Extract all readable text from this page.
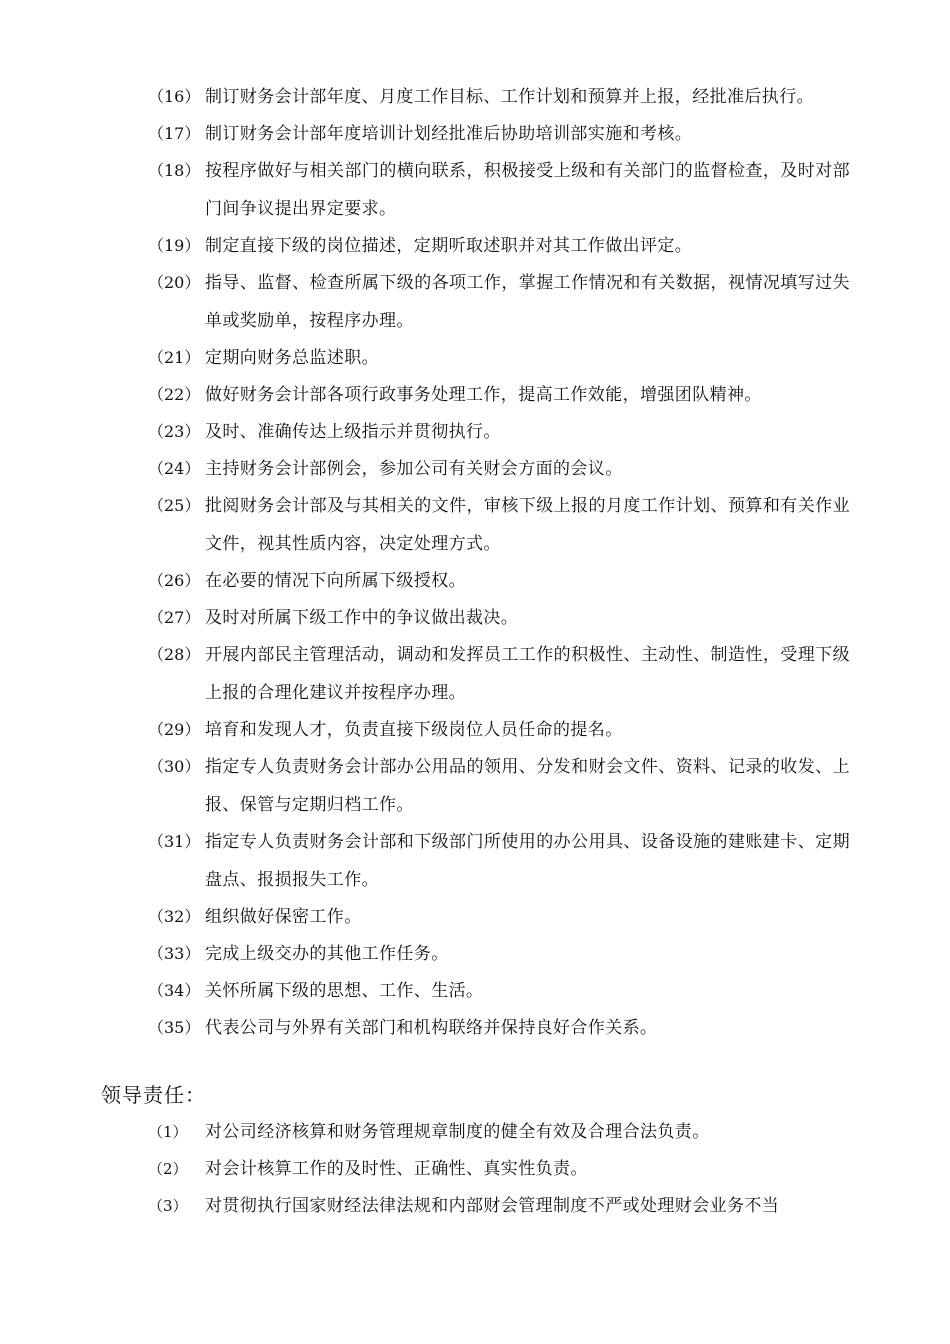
（16） 制订财务会计部年度、月度工作目标、工作计划和预算并上报，经批准后执行。
（17） 制订财务会计部年度培训计划经批准后协助培训部实施和考核。
（18） 按程序做好与相关部门的横向联系，积极接受上级和有关部门的监督检查，及时对部门间争议提出界定要求。
（19） 制定直接下级的岗位描述，定期听取述职并对其工作做出评定。
（20） 指导、监督、检查所属下级的各项工作，掌握工作情况和有关数据，视情况填写过失单或奖励单，按程序办理。
（21） 定期向财务总监述职。
（22） 做好财务会计部各项行政事务处理工作，提高工作效能，增强团队精神。
（23） 及时、准确传达上级指示并贯彻执行。
（24） 主持财务会计部例会，参加公司有关财会方面的会议。
（25） 批阅财务会计部及与其相关的文件，审核下级上报的月度工作计划、预算和有关作业文件，视其性质内容，决定处理方式。
（26） 在必要的情况下向所属下级授权。
（27） 及时对所属下级工作中的争议做出裁决。
（28） 开展内部民主管理活动，调动和发挥员工工作的积极性、主动性、制造性，受理下级上报的合理化建议并按程序办理。
（29） 培育和发现人才，负责直接下级岗位人员任命的提名。
（30） 指定专人负责财务会计部办公用品的领用、分发和财会文件、资料、记录的收发、上报、保管与定期归档工作。
（31） 指定专人负责财务会计部和下级部门所使用的办公用具、设备设施的建账建卡、定期盘点、报损报失工作。
（32） 组织做好保密工作。
（33） 完成上级交办的其他工作任务。
（34） 关怀所属下级的思想、工作、生活。
（35） 代表公司与外界有关部门和机构联络并保持良好合作关系。
领导责任：
（1） 对公司经济核算和财务管理规章制度的健全有效及合理合法负责。
（2） 对会计核算工作的及时性、正确性、真实性负责。
（3） 对贯彻执行国家财经法律法规和内部财会管理制度不严或处理财会业务不当
